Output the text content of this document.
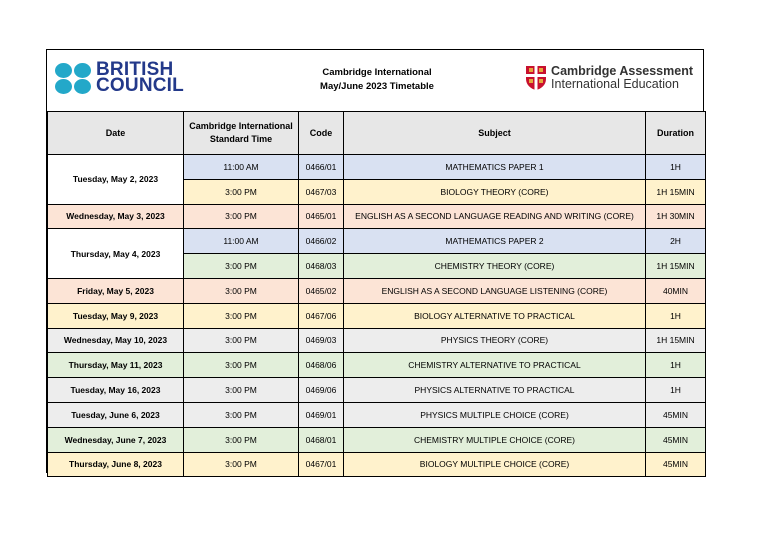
BRITISH
COUNCIL
Cambridge International
May/June 2023 Timetable
Cambridge Assessment
International Education
Date	Cambridge International Standard Time	Code	Subject	Duration
Tuesday, May 2, 2023	11:00 AM	0466/01	MATHEMATICS PAPER 1	1H
	3:00 PM	0467/03	BIOLOGY THEORY (CORE)	1H 15MIN
Wednesday, May 3, 2023	3:00 PM	0465/01	ENGLISH AS A SECOND LANGUAGE READING AND WRITING (CORE)	1H 30MIN
Thursday, May 4, 2023	11:00 AM	0466/02	MATHEMATICS PAPER 2	2H
	3:00 PM	0468/03	CHEMISTRY THEORY (CORE)	1H 15MIN
Friday, May 5, 2023	3:00 PM	0465/02	ENGLISH AS A SECOND LANGUAGE LISTENING (CORE)	40MIN
Tuesday, May 9, 2023	3:00 PM	0467/06	BIOLOGY ALTERNATIVE TO PRACTICAL	1H
Wednesday, May 10, 2023	3:00 PM	0469/03	PHYSICS THEORY (CORE)	1H 15MIN
Thursday, May 11, 2023	3:00 PM	0468/06	CHEMISTRY ALTERNATIVE TO PRACTICAL	1H
Tuesday, May 16, 2023	3:00 PM	0469/06	PHYSICS ALTERNATIVE TO PRACTICAL	1H
Tuesday, June 6, 2023	3:00 PM	0469/01	PHYSICS MULTIPLE CHOICE (CORE)	45MIN
Wednesday, June 7, 2023	3:00 PM	0468/01	CHEMISTRY MULTIPLE CHOICE (CORE)	45MIN
Thursday, June 8, 2023	3:00 PM	0467/01	BIOLOGY MULTIPLE CHOICE (CORE)	45MIN
